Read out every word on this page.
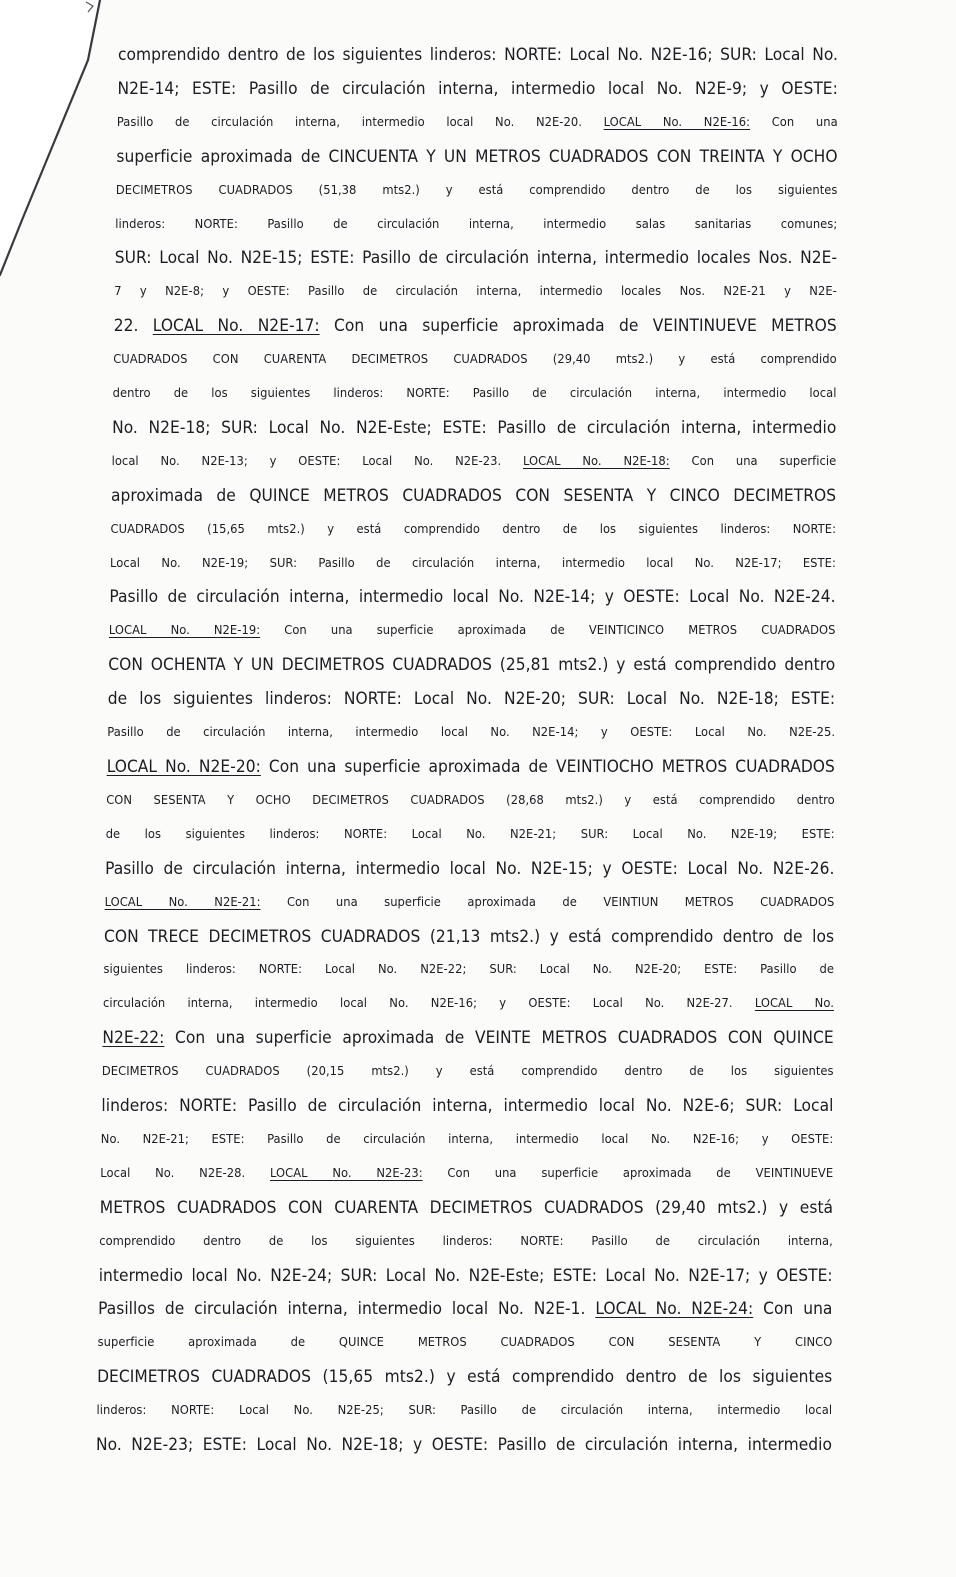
comprendido dentro de los siguientes linderos: NORTE: Local No. N2E-16; SUR: Local No.
N2E-14; ESTE: Pasillo de circulación interna, intermedio local No. N2E-9; y OESTE:
Pasillo de circulación interna, intermedio local No. N2E-20. LOCAL No. N2E-16: Con una
superficie aproximada de CINCUENTA Y UN METROS CUADRADOS CON TREINTA Y OCHO
DECIMETROS CUADRADOS (51,38 mts2.) y está comprendido dentro de los siguientes
linderos: NORTE: Pasillo de circulación interna, intermedio salas sanitarias comunes;
SUR: Local No. N2E-15; ESTE: Pasillo de circulación interna, intermedio locales Nos. N2E-
7 y N2E-8; y OESTE: Pasillo de circulación interna, intermedio locales Nos. N2E-21 y N2E-
22. LOCAL No. N2E-17: Con una superficie aproximada de VEINTINUEVE METROS
CUADRADOS CON CUARENTA DECIMETROS CUADRADOS (29,40 mts2.) y está comprendido
dentro de los siguientes linderos: NORTE: Pasillo de circulación interna, intermedio local
No. N2E-18; SUR: Local No. N2E-Este; ESTE: Pasillo de circulación interna, intermedio
local No. N2E-13; y OESTE: Local No. N2E-23. LOCAL No. N2E-18: Con una superficie
aproximada de QUINCE METROS CUADRADOS CON SESENTA Y CINCO DECIMETROS
CUADRADOS (15,65 mts2.) y está comprendido dentro de los siguientes linderos: NORTE:
Local No. N2E-19; SUR: Pasillo de circulación interna, intermedio local No. N2E-17; ESTE:
Pasillo de circulación interna, intermedio local No. N2E-14; y OESTE: Local No. N2E-24.
LOCAL No. N2E-19: Con una superficie aproximada de VEINTICINCO METROS CUADRADOS
CON OCHENTA Y UN DECIMETROS CUADRADOS (25,81 mts2.) y está comprendido dentro
de los siguientes linderos: NORTE: Local No. N2E-20; SUR: Local No. N2E-18; ESTE:
Pasillo de circulación interna, intermedio local No. N2E-14; y OESTE: Local No. N2E-25.
LOCAL No. N2E-20: Con una superficie aproximada de VEINTIOCHO METROS CUADRADOS
CON SESENTA Y OCHO DECIMETROS CUADRADOS (28,68 mts2.) y está comprendido dentro
de los siguientes linderos: NORTE: Local No. N2E-21; SUR: Local No. N2E-19; ESTE:
Pasillo de circulación interna, intermedio local No. N2E-15; y OESTE: Local No. N2E-26.
LOCAL No. N2E-21: Con una superficie aproximada de VEINTIUN METROS CUADRADOS
CON TRECE DECIMETROS CUADRADOS (21,13 mts2.) y está comprendido dentro de los
siguientes linderos: NORTE: Local No. N2E-22; SUR: Local No. N2E-20; ESTE: Pasillo de
circulación interna, intermedio local No. N2E-16; y OESTE: Local No. N2E-27. LOCAL No.
N2E-22: Con una superficie aproximada de VEINTE METROS CUADRADOS CON QUINCE
DECIMETROS CUADRADOS (20,15 mts2.) y está comprendido dentro de los siguientes
linderos: NORTE: Pasillo de circulación interna, intermedio local No. N2E-6; SUR: Local
No. N2E-21; ESTE: Pasillo de circulación interna, intermedio local No. N2E-16; y OESTE:
Local No. N2E-28. LOCAL No. N2E-23: Con una superficie aproximada de VEINTINUEVE
METROS CUADRADOS CON CUARENTA DECIMETROS CUADRADOS (29,40 mts2.) y está
comprendido dentro de los siguientes linderos: NORTE: Pasillo de circulación interna,
intermedio local No. N2E-24; SUR: Local No. N2E-Este; ESTE: Local No. N2E-17; y OESTE:
Pasillos de circulación interna, intermedio local No. N2E-1. LOCAL No. N2E-24: Con una
superficie aproximada de QUINCE METROS CUADRADOS CON SESENTA Y CINCO
DECIMETROS CUADRADOS (15,65 mts2.) y está comprendido dentro de los siguientes
linderos: NORTE: Local No. N2E-25; SUR: Pasillo de circulación interna, intermedio local
No. N2E-23; ESTE: Local No. N2E-18; y OESTE: Pasillo de circulación interna, intermedio
